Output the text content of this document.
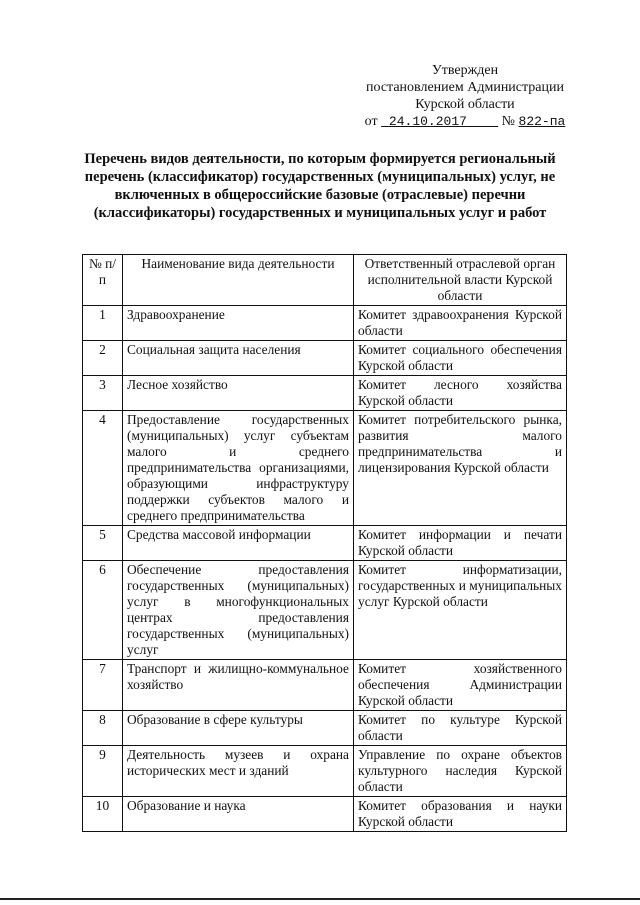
Утвержден
постановлением Администрации
Курской области
от 24.10.2017 № 822-па
Перечень видов деятельности, по которым формируется региональный перечень (классификатор) государственных (муниципальных) услуг, не включенных в общероссийские базовые (отраслевые) перечни (классификаторы) государственных и муниципальных услуг и работ
№ п/п	Наименование вида деятельности	Ответственный отраслевой орган исполнительной власти Курской области
1	Здравоохранение	Комитет здравоохранения Курской области
2	Социальная защита населения	Комитет социального обеспечения Курской области
3	Лесное хозяйство	Комитет лесного хозяйства Курской области
4	Предоставление государственных (муниципальных) услуг субъектам малого и среднего предпринимательства организациями, образующими инфраструктуру поддержки субъектов малого и среднего предпринимательства	Комитет потребительского рынка, развития малого предпринимательства и лицензирования Курской области
5	Средства массовой информации	Комитет информации и печати Курской области
6	Обеспечение предоставления государственных (муниципальных) услуг в многофункциональных центрах предоставления государственных (муниципальных) услуг	Комитет информатизации, государственных и муниципальных услуг Курской области
7	Транспорт и жилищно-коммунальное хозяйство	Комитет хозяйственного обеспечения Администрации Курской области
8	Образование в сфере культуры	Комитет по культуре Курской области
9	Деятельность музеев и охрана исторических мест и зданий	Управление по охране объектов культурного наследия Курской области
10	Образование и наука	Комитет образования и науки Курской области
